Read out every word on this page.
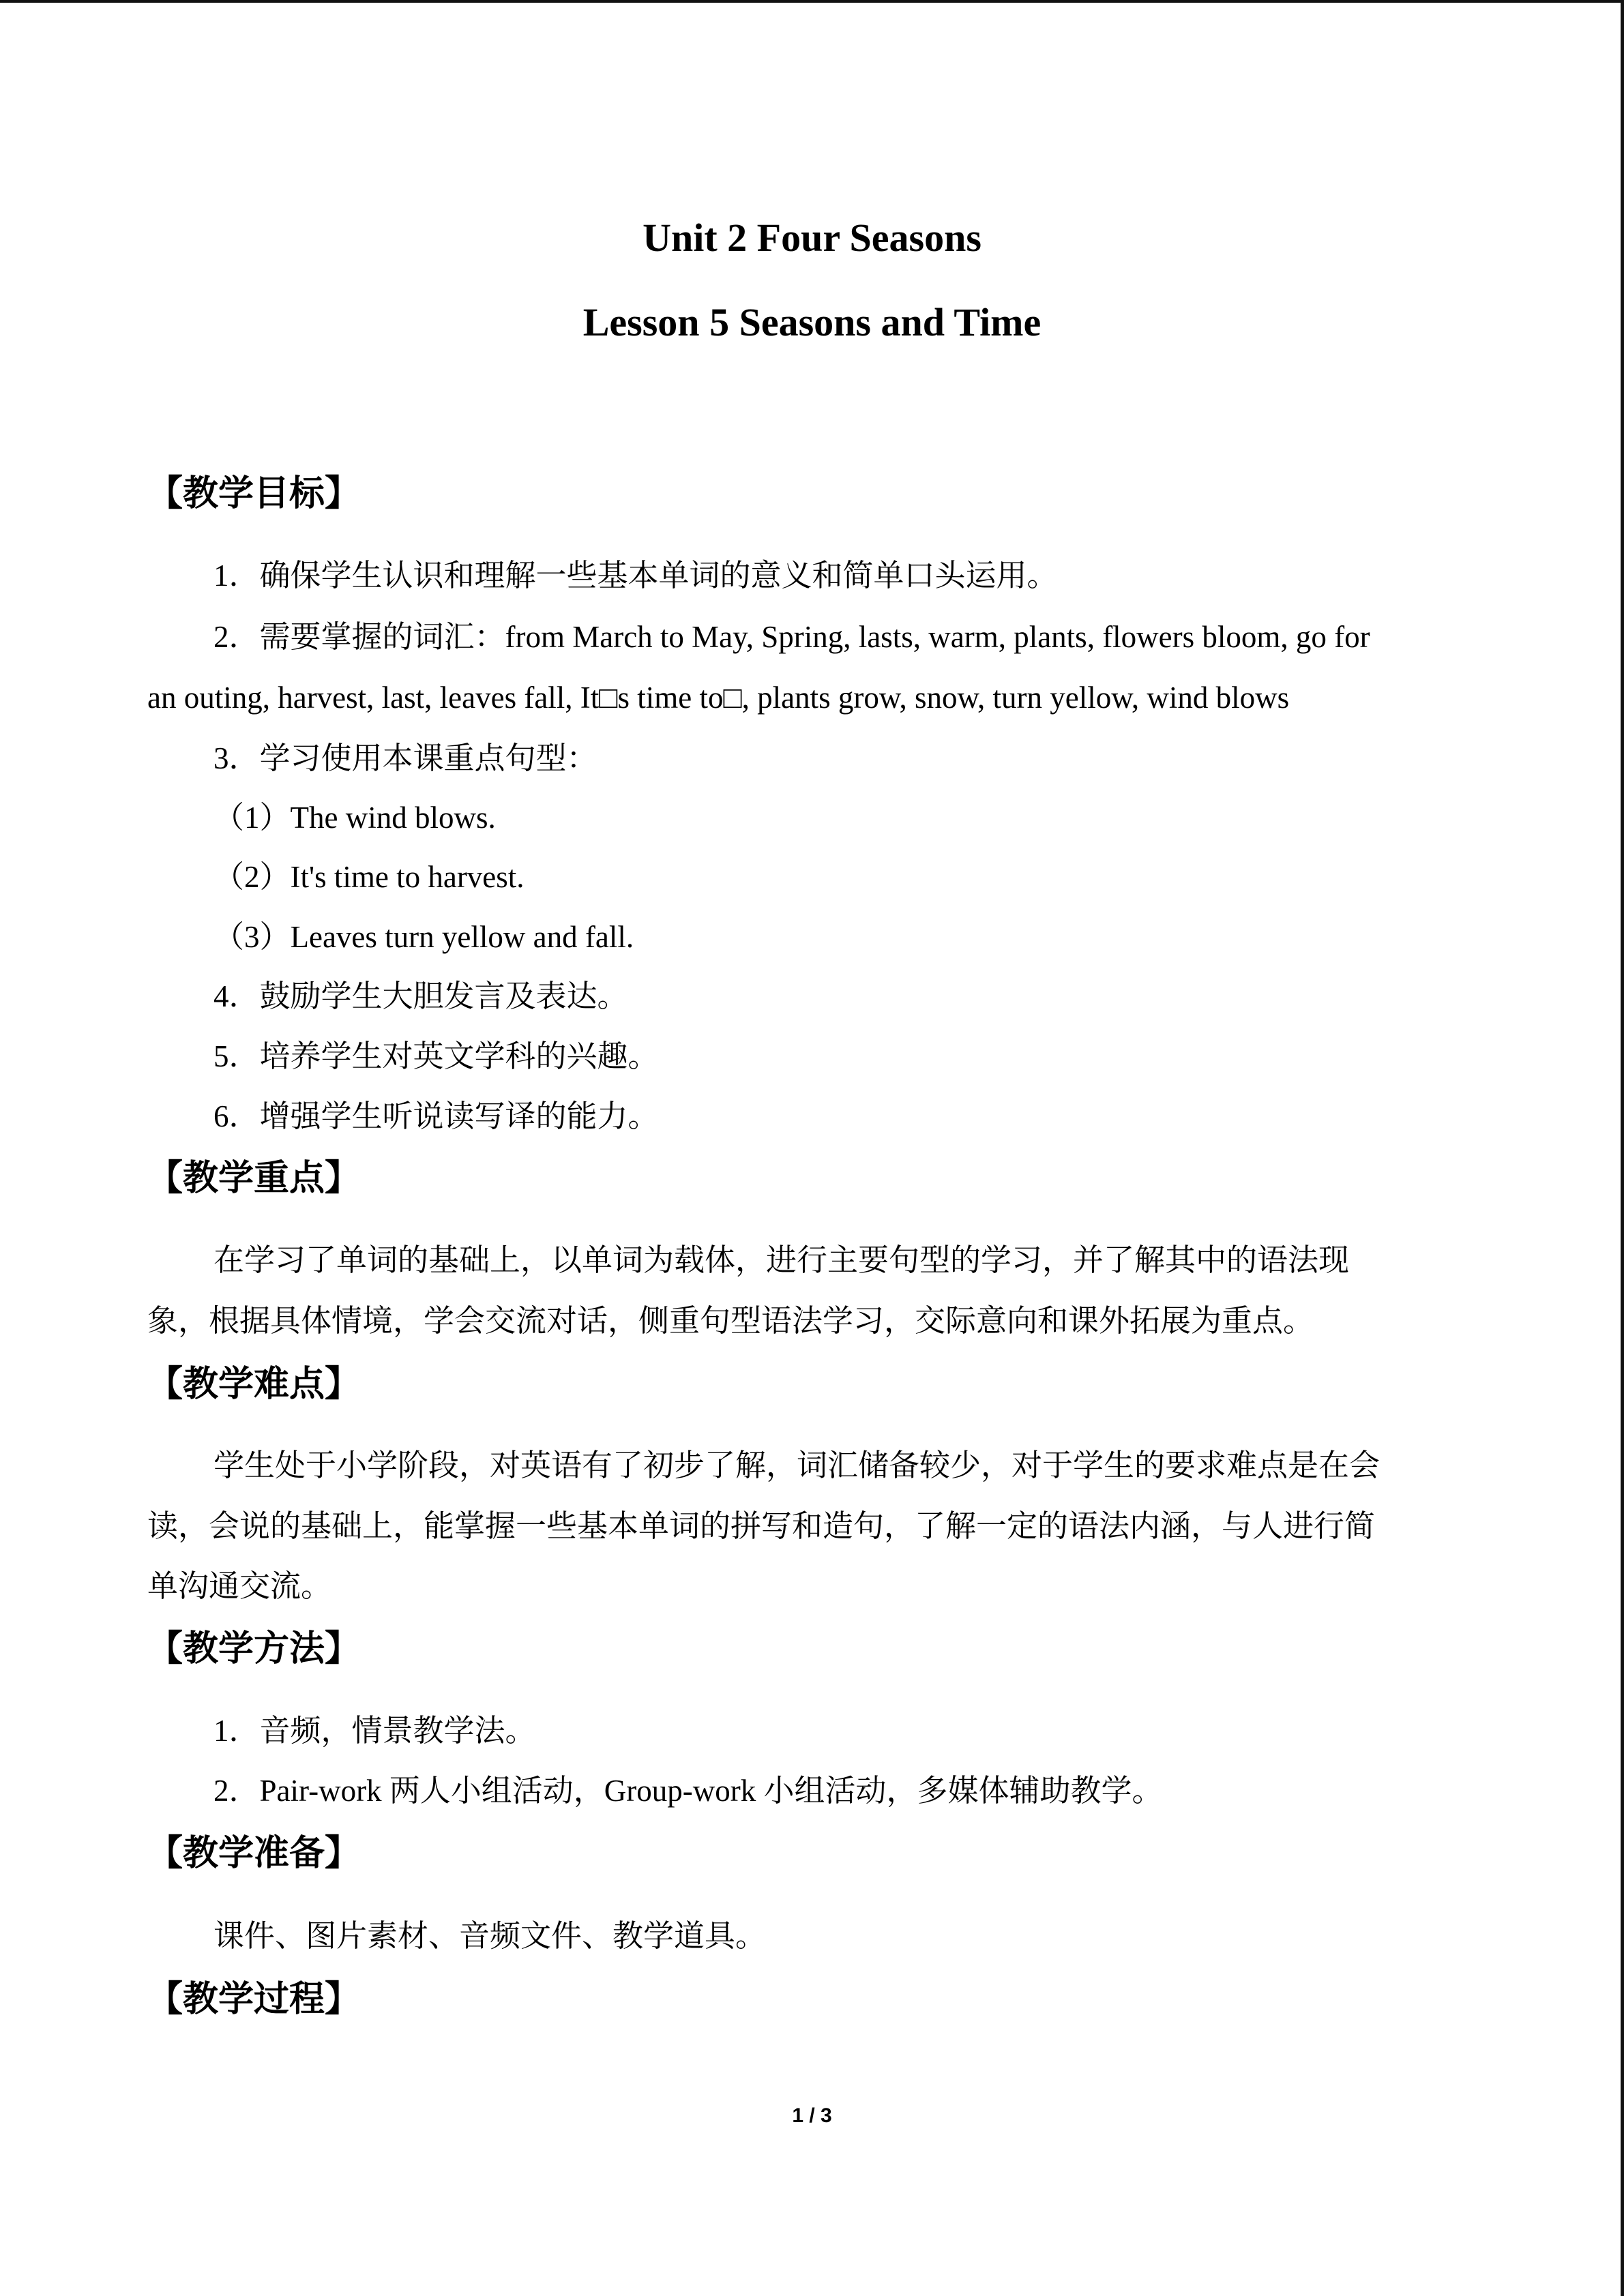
Unit 2 Four Seasons
Lesson 5 Seasons and Time
【教学目标】
1．确保学生认识和理解一些基本单词的意义和简单口头运用。
2．需要掌握的词汇：from March to May, Spring, lasts, warm, plants, flowers bloom, go for
an outing, harvest, last, leaves fall, It□s time to□, plants grow, snow, turn yellow, wind blows
3．学习使用本课重点句型：
（1）The wind blows.
（2）It's time to harvest.
（3）Leaves turn yellow and fall.
4．鼓励学生大胆发言及表达。
5．培养学生对英文学科的兴趣。
6．增强学生听说读写译的能力。
【教学重点】
在学习了单词的基础上，以单词为载体，进行主要句型的学习，并了解其中的语法现
象，根据具体情境，学会交流对话，侧重句型语法学习，交际意向和课外拓展为重点。
【教学难点】
学生处于小学阶段，对英语有了初步了解，词汇储备较少，对于学生的要求难点是在会
读，会说的基础上，能掌握一些基本单词的拼写和造句，了解一定的语法内涵，与人进行简
单沟通交流。
【教学方法】
1．音频，情景教学法。
2．Pair-work 两人小组活动，Group-work 小组活动，多媒体辅助教学。
【教学准备】
课件、图片素材、音频文件、教学道具。
【教学过程】
1 / 3
